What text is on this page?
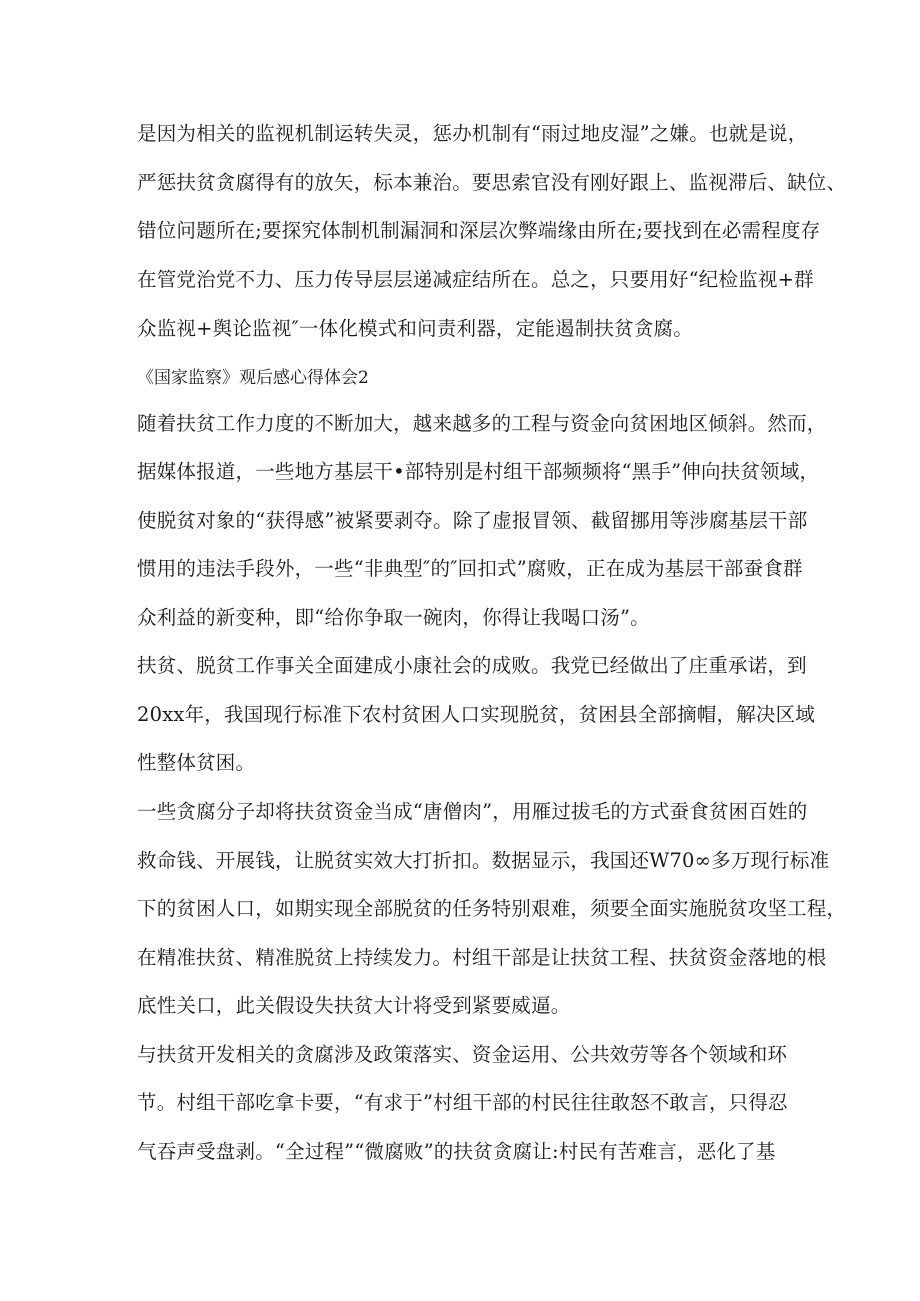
是因为相关的监视机制运转失灵，惩办机制有“雨过地皮湿”之嫌。也就是说，
严惩扶贫贪腐得有的放矢，标本兼治。要思索官没有刚好跟上、监视滞后、缺位、
错位问题所在;要探究体制机制漏洞和深层次弊端缘由所在;要找到在必需程度存
在管党治党不力、压力传导层层递减症结所在。总之，只要用好“纪检监视+群
众监视+舆论监视″一体化模式和问责利器，定能遏制扶贫贪腐。
《国家监察》观后感心得体会2
随着扶贫工作力度的不断加大，越来越多的工程与资金向贫困地区倾斜。然而，
据媒体报道，一些地方基层干•部特别是村组干部频频将“黑手”伸向扶贫领域，
使脱贫对象的“获得感”被紧要剥夺。除了虚报冒领、截留挪用等涉腐基层干部
惯用的违法手段外，一些“非典型″的″回扣式”腐败，正在成为基层干部蚕食群
众利益的新变种，即“给你争取一碗肉，你得让我喝口汤”。
扶贫、脱贫工作事关全面建成小康社会的成败。我党已经做出了庄重承诺，到
20xx年，我国现行标准下农村贫困人口实现脱贫，贫困县全部摘帽，解决区域
性整体贫困。
一些贪腐分子却将扶贫资金当成“唐僧肉”，用雁过拔毛的方式蚕食贫困百姓的
救命钱、开展钱，让脱贫实效大打折扣。数据显示，我国还W70∞多万现行标准
下的贫困人口，如期实现全部脱贫的任务特别艰难，须要全面实施脱贫攻坚工程，
在精准扶贫、精准脱贫上持续发力。村组干部是让扶贫工程、扶贫资金落地的根
底性关口，此关假设失扶贫大计将受到紧要威逼。
与扶贫开发相关的贪腐涉及政策落实、资金运用、公共效劳等各个领域和环
节。村组干部吃拿卡要，“有求于”村组干部的村民往往敢怒不敢言，只得忍
气吞声受盘剥。“全过程”“微腐败”的扶贫贪腐让:村民有苦难言，恶化了基
